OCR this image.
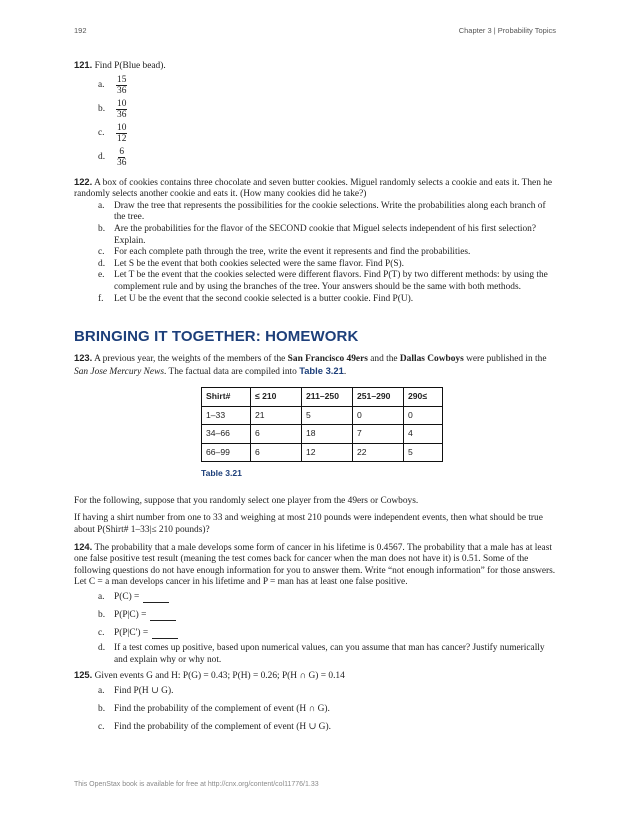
192	Chapter 3 | Probability Topics

121. Find P(Blue bead).

a. $\frac{15}{36}$
b. $\frac{10}{36}$
c. $\frac{10}{12}$
d. $\frac{6}{36}$

122. A box of cookies contains three chocolate and seven butter cookies. Miguel randomly selects a cookie and eats it. Then he randomly selects another cookie and eats it. (How many cookies did he take?)

a. Draw the tree that represents the possibilities for the cookie selections. Write the probabilities along each branch of the tree.
b. Are the probabilities for the flavor of the SECOND cookie that Miguel selects independent of his first selection? Explain.
c. For each complete path through the tree, write the event it represents and find the probabilities.
d. Let S be the event that both cookies selected were the same flavor. Find P(S).
e. Let T be the event that the cookies selected were different flavors. Find P(T) by two different methods: by using the complement rule and by using the branches of the tree. Your answers should be the same with both methods.
f. Let U be the event that the second cookie selected is a butter cookie. Find P(U).
BRINGING IT TOGETHER: HOMEWORK

123. A previous year, the weights of the members of the San Francisco 49ers and the Dallas Cowboys were published in the San Jose Mercury News. The factual data are compiled into Table 3.21.

Shirt#	≤ 210	211–250	251–290	290≤
1–33	21	5	0	0
34–66	6	18	7	4
66–99	6	12	22	5
Table 3.21

For the following, suppose that you randomly select one player from the 49ers or Cowboys.

If having a shirt number from one to 33 and weighing at most 210 pounds were independent events, then what should be true about P(Shirt# 1–33|≤ 210 pounds)?

124. The probability that a male develops some form of cancer in his lifetime is 0.4567. The probability that a male has at least one false positive test result (meaning the test comes back for cancer when the man does not have it) is 0.51. Some of the following questions do not have enough information for you to answer them. Write “not enough information” for those answers. Let C = a man develops cancer in his lifetime and P = man has at least one false positive.

a. P(C) =
b. P(P|C) =
c. P(P|C') =
d. If a test comes up positive, based upon numerical values, can you assume that man has cancer? Justify numerically and explain why or why not.

125. Given events G and H: P(G) = 0.43; P(H) = 0.26; P(H ∩ G) = 0.14

a. Find P(H ∪ G).
b. Find the probability of the complement of event (H ∩ G).
c. Find the probability of the complement of event (H ∪ G).
This OpenStax book is available for free at http://cnx.org/content/col11776/1.33
